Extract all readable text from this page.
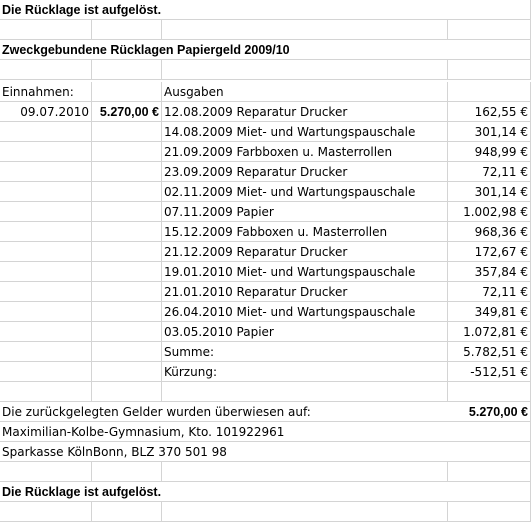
Die Rücklage ist aufgelöst.
Zweckgebundene Rücklagen Papiergeld 2009/10
Einnahmen:	Ausgaben
09.07.2010 5.270,00 € 12.08.2009 Reparatur Drucker	162,55 €
14.08.2009 Miet- und Wartungspauschale	301,14 €
21.09.2009 Farbboxen u. Masterrollen	948,99 €
23.09.2009 Reparatur Drucker	72,11 €
02.11.2009 Miet- und Wartungspauschale	301,14 €
07.11.2009 Papier	1.002,98 €
15.12.2009 Fabboxen u. Masterrollen	968,36 €
21.12.2009 Reparatur Drucker	172,67 €
19.01.2010 Miet- und Wartungspauschale	357,84 €
21.01.2010 Reparatur Drucker	72,11 €
26.04.2010 Miet- und Wartungspauschale	349,81 €
03.05.2010 Papier	1.072,81 €
Summe:	5.782,51 €
Kürzung:	-512,51 €
Die zurückgelegten Gelder wurden überwiesen auf:	5.270,00 €
Maximilian-Kolbe-Gymnasium, Kto. 101922961
Sparkasse KölnBonn, BLZ 370 501 98
Die Rücklage ist aufgelöst.
